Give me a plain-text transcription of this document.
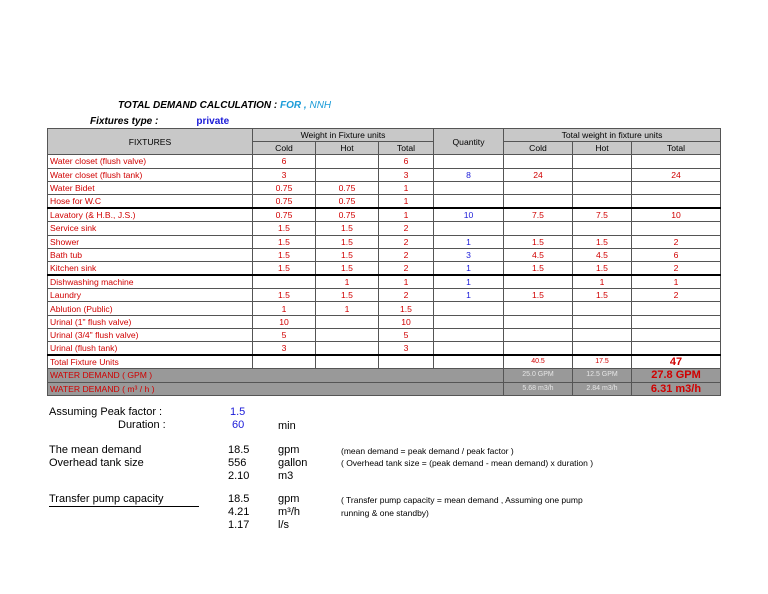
TOTAL DEMAND CALCULATION : FOR , NNH
Fixtures type :	private
FIXTURES	Weight in Fixture units			Quantity	Total weight in fixture units		
	Cold	Hot	Total		Cold	Hot	Total
Water closet (flush valve)	6		6				
Water closet (flush tank)	3		3	8	24		24
Water Bidet	0.75	0.75	1				
Hose for W.C	0.75	0.75	1				
Lavatory (& H.B., J.S.)	0.75	0.75	1	10	7.5	7.5	10
Service sink	1.5	1.5	2				
Shower	1.5	1.5	2	1	1.5	1.5	2
Bath tub	1.5	1.5	2	3	4.5	4.5	6
Kitchen sink	1.5	1.5	2	1	1.5	1.5	2
Dishwashing machine		1	1	1		1	1
Laundry	1.5	1.5	2	1	1.5	1.5	2
Ablution (Public)	1	1	1.5				
Urinal (1" flush valve)	10		10				
Urinal (3/4" flush valve)	5		5				
Urinal (flush tank)	3		3				
Total Fixture Units					40.5	17.5	47
WATER DEMAND ( GPM )					25.0 GPM	12.5 GPM	27.8 GPM
WATER DEMAND ( m³ / h )					5.68 m3/h	2.84 m3/h	6.31 m3/h
Assuming Peak factor :	1.5
Duration :	60	min
The mean demand	18.5	gpm	(mean demand = peak demand / peak factor )
Overhead tank size	556	gallon	( Overhead tank size = (peak demand - mean demand) x duration )
2.10	m3
Transfer pump capacity	18.5	gpm	( Transfer pump capacity = mean demand , Assuming one pump
running & one standby)
4.21	m³/h
1.17	l/s
